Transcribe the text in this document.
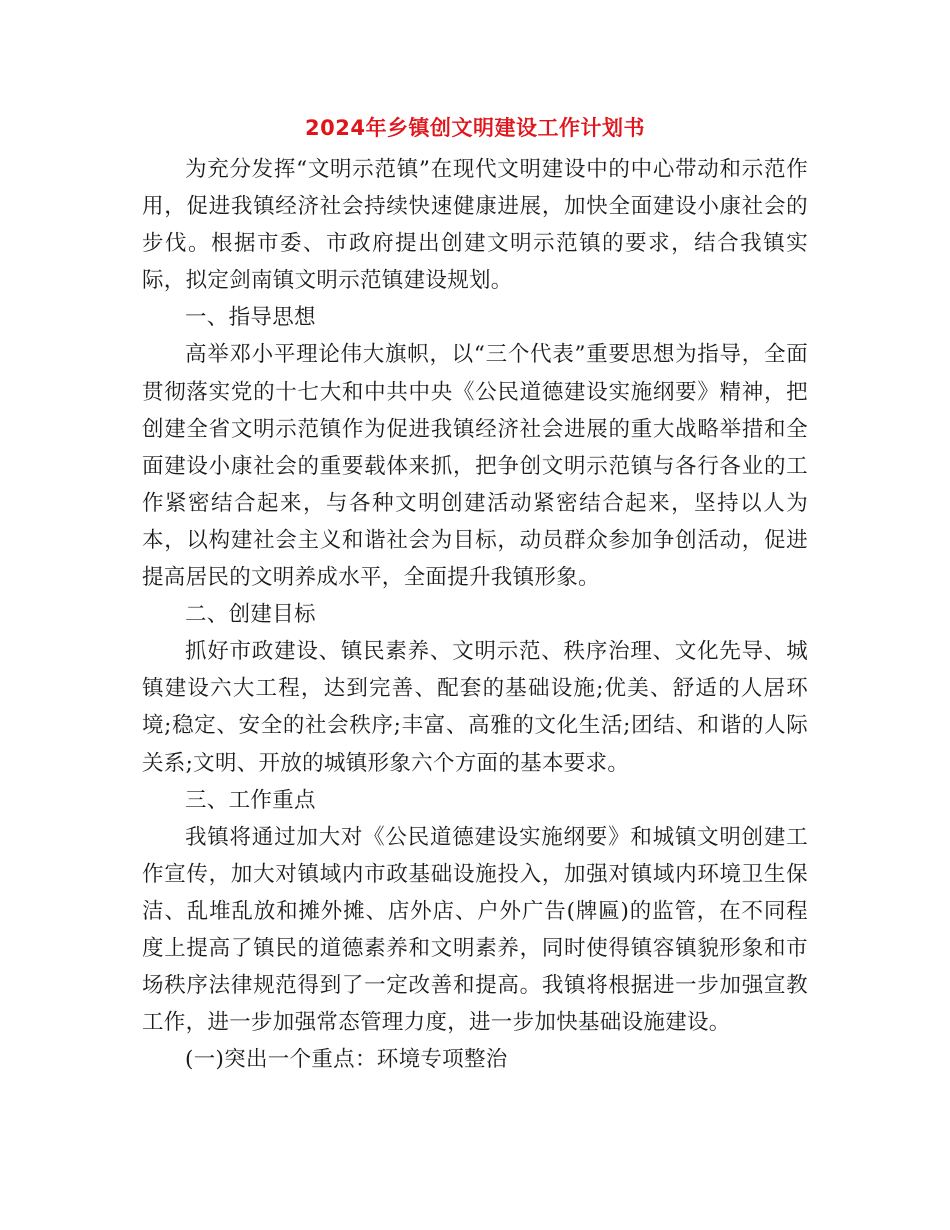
2024年乡镇创文明建设工作计划书

为充分发挥“文明示范镇”在现代文明建设中的中心带动和示范作用，促进我镇经济社会持续快速健康进展，加快全面建设小康社会的步伐。根据市委、市政府提出创建文明示范镇的要求，结合我镇实际，拟定剑南镇文明示范镇建设规划。

一、指导思想

高举邓小平理论伟大旗帜，以“三个代表”重要思想为指导，全面贯彻落实党的十七大和中共中央《公民道德建设实施纲要》精神，把创建全省文明示范镇作为促进我镇经济社会进展的重大战略举措和全面建设小康社会的重要载体来抓，把争创文明示范镇与各行各业的工作紧密结合起来，与各种文明创建活动紧密结合起来，坚持以人为本，以构建社会主义和谐社会为目标，动员群众参加争创活动，促进提高居民的文明养成水平，全面提升我镇形象。

二、创建目标

抓好市政建设、镇民素养、文明示范、秩序治理、文化先导、城镇建设六大工程，达到完善、配套的基础设施;优美、舒适的人居环境;稳定、安全的社会秩序;丰富、高雅的文化生活;团结、和谐的人际关系;文明、开放的城镇形象六个方面的基本要求。

三、工作重点

我镇将通过加大对《公民道德建设实施纲要》和城镇文明创建工作宣传，加大对镇域内市政基础设施投入，加强对镇域内环境卫生保洁、乱堆乱放和摊外摊、店外店、户外广告(牌匾)的监管，在不同程度上提高了镇民的道德素养和文明素养，同时使得镇容镇貌形象和市场秩序法律规范得到了一定改善和提高。我镇将根据进一步加强宣教工作，进一步加强常态管理力度，进一步加快基础设施建设。

(一)突出一个重点：环境专项整治
